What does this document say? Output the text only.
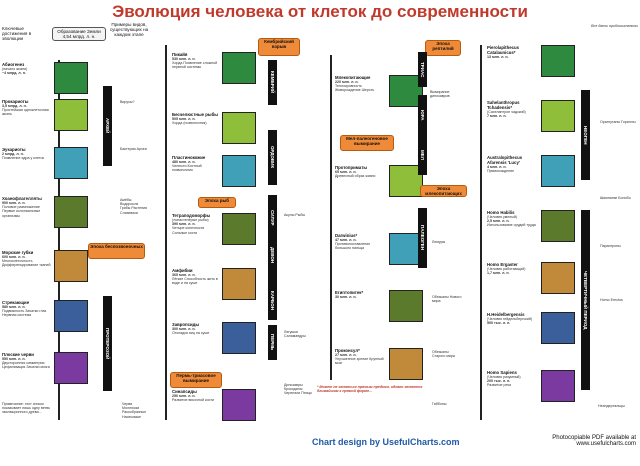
Эволюция человека от клеток до современности
Все даты приблизительны
Ключевые достижения в эволюции
Образование Земли 4,54 млрд. л. н.
Примеры видов, существующих на каждом этапе
Абиогенез
(начало жизни)
~4 млрд. л. н.
Прокариоты
3,5 млрд. л. н.
Простейшая одноклеточная жизнь
Эукариоты
2 млрд. л. н.
Появление ядра у клеток
Хоанофлагелляты
900 млн. л. н.
Половое размножение Первые колониальные организмы
Морские губки
600 млн. л. н.
Многоклеточность Дифференцирование тканей
Стрекающие
580 млн. л. н.
Подвижность Зачатки глаз Нервная система
Плоские черви
550 млн. л. н.
Двусторонняя симметрия Цефализация Зачатки мозга
Эпоха беспозвоночных
Примечание: этот список показывает лишь одну ветвь эволюционного древа...
Вирусы?
Бактерии Археи
Амёбы Водоросли Грибы Растения Слизевики
Черви Моллюски Ракообразные Насекомые
Пикайя
530 млн. л. н.
Хорда Появление сложной нервной системы
Бесчелюстные рыбы
505 млн. л. н.
Хорда (позвоночник)
Пластинокожие
480 млн. л. н.
Челюсти Костный позвоночник
Тетраподоморфы
(лопастепёрые рыбы)
390 млн. л. н.
Четыре конечности Сильные кости
Амфибии
365 млн. л. н.
Лёгкие Способность жить в воде и на суше
Завропсиды
300 млн. л. н.
Откладка яиц на суше
Синапсиды
250 млн. л. н.
Развитие височной кости
Кембрийский взрыв
Эпоха рыб
Пермь-триасовое вымирание
Акулы Рыбы
Лягушки Саламандры
Динозавры Крокодилы Черепахи Птицы
Млекопитающие
220 млн. л. н.
Теплокровность Живорождение Шерсть
Протоприматы
65 млн. л. н.
Древесный образ жизни
Darwinius*
47 млн. л. н.
Противопоставление большого пальца
Египтопитек*
30 млн. л. н.
Проконсул*
27 млн. л. н.
Улучшенное зрение Крупный мозг
Эпоха рептилий
Мел-палеогеновое вымирание
Эпоха млекопитающих
Вымирание динозавров
Лемуры
Обезьяны Нового мира
Обезьяны Старого мира
Гиббоны
* Может не являться прямым предком, однако является ближайшим к прямой форме...
Pierolapithecus Catalaunicus*
13 млн. л. н.
Sahelanthropus Tchadensis*
(Сахелантроп чадский)
7 млн. л. н.
Australopithecus Afarensis 'Lucy'
4 млн. л. н.
Прямохождение
Homo Habilis
(Человек умелый)
2,5 млн. л. н.
Использование орудий труда
Homo Ergaster
(Человек работающий)
1,7 млн. л. н.
H.Heidelbergensis
(Человек гейдельбергский)
500 тыс. л. н.
Homo Sapiens
(Человек разумный)
200 тыс. л. н.
Развитие речи
Орангутаны Гориллы
Шимпанзе Бонобо
Парантропы
Homo Erectus
Неандертальцы
АРХЕЙ
ПРОТЕРОЗОЙ
КЕМБРИЙ
ОРДОВИК
СИЛУР
ДЕВОН
КАРБОН
ПЕРМЬ
ТРИАС
ЮРА
МЕЛ
ПАЛЕОГЕН
НЕОГЕН
ЧЕТВЕРТИЧНЫЙ ПЕРИОД
Chart design by UsefulCharts.com	Photocopiable PDF available at www.usefulcharts.com
